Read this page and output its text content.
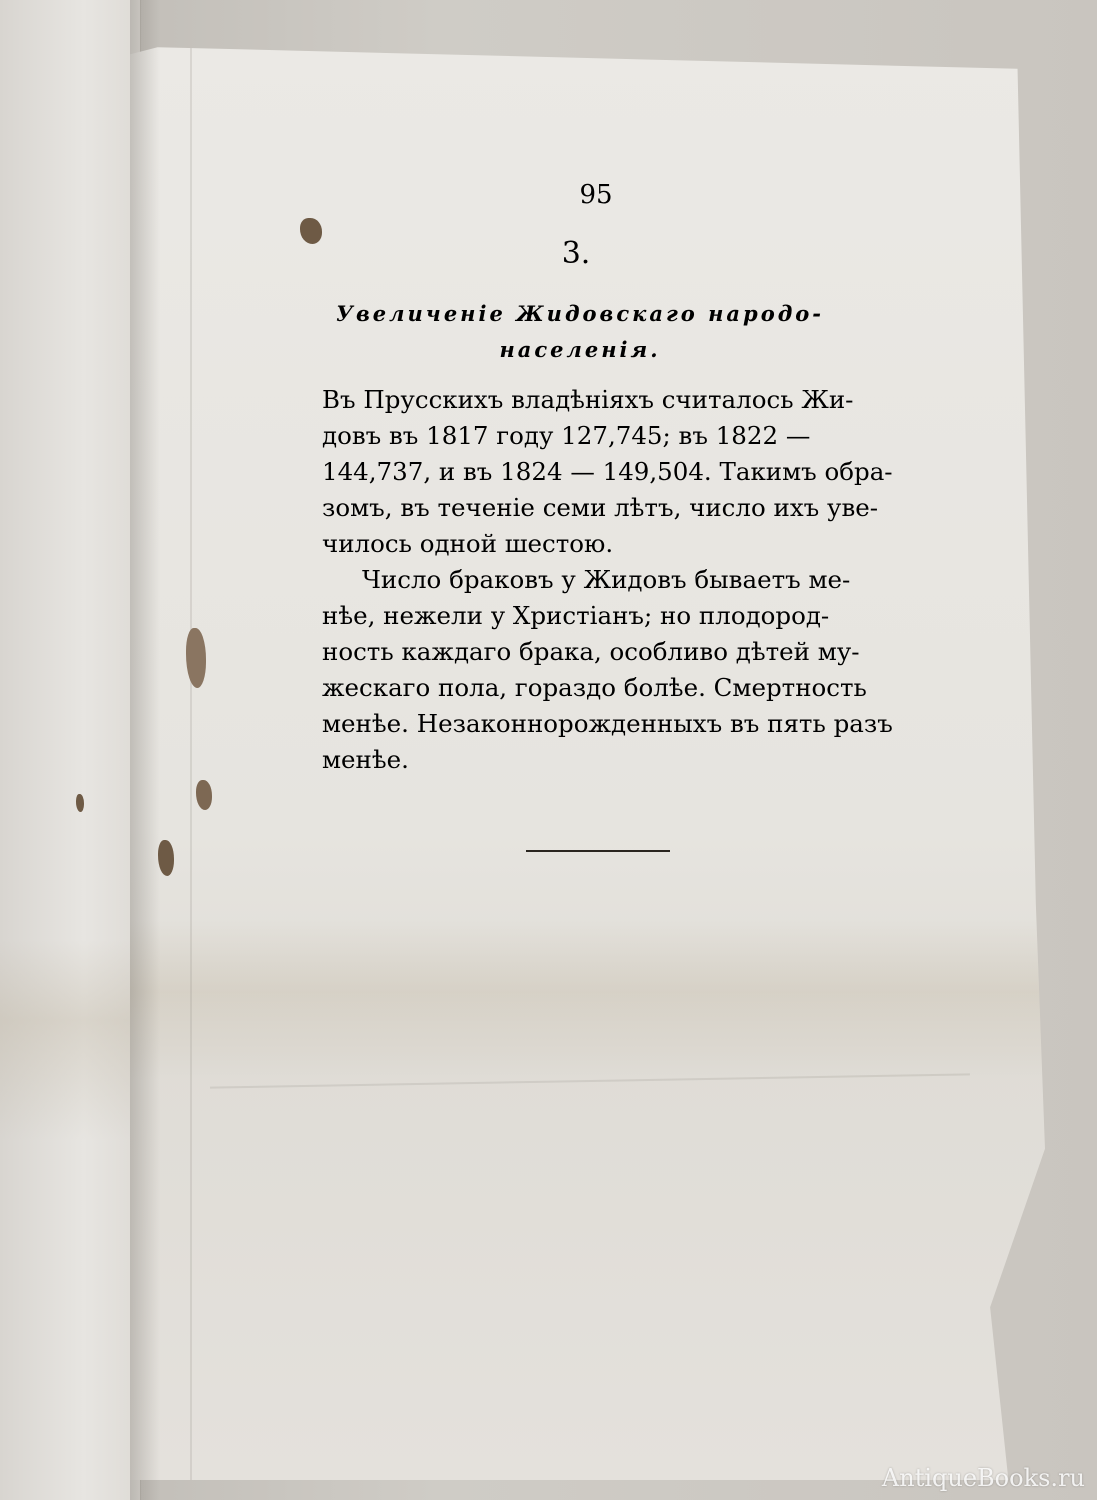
95

3.

Увеличеніе Жидовскаго народо-
населенія.

Въ Прусскихъ владѣніяхъ считалось Жи-
довъ въ 1817 году 127,745; въ 1822 —
144,737, и въ 1824 — 149,504. Такимъ обра-
зомъ, въ теченіе семи лѣтъ, число ихъ уве-
чилось одной шестою.

Число браковъ у Жидовъ бываетъ ме-
нѣе, нежели у Христіанъ; но плодород-
ность каждаго брака, особливо дѣтей му-
жескаго пола, гораздо болѣе. Смертность
менѣе. Незаконнорожденныхъ въ пять разъ
менѣе.

AntiqueBooks.ru
